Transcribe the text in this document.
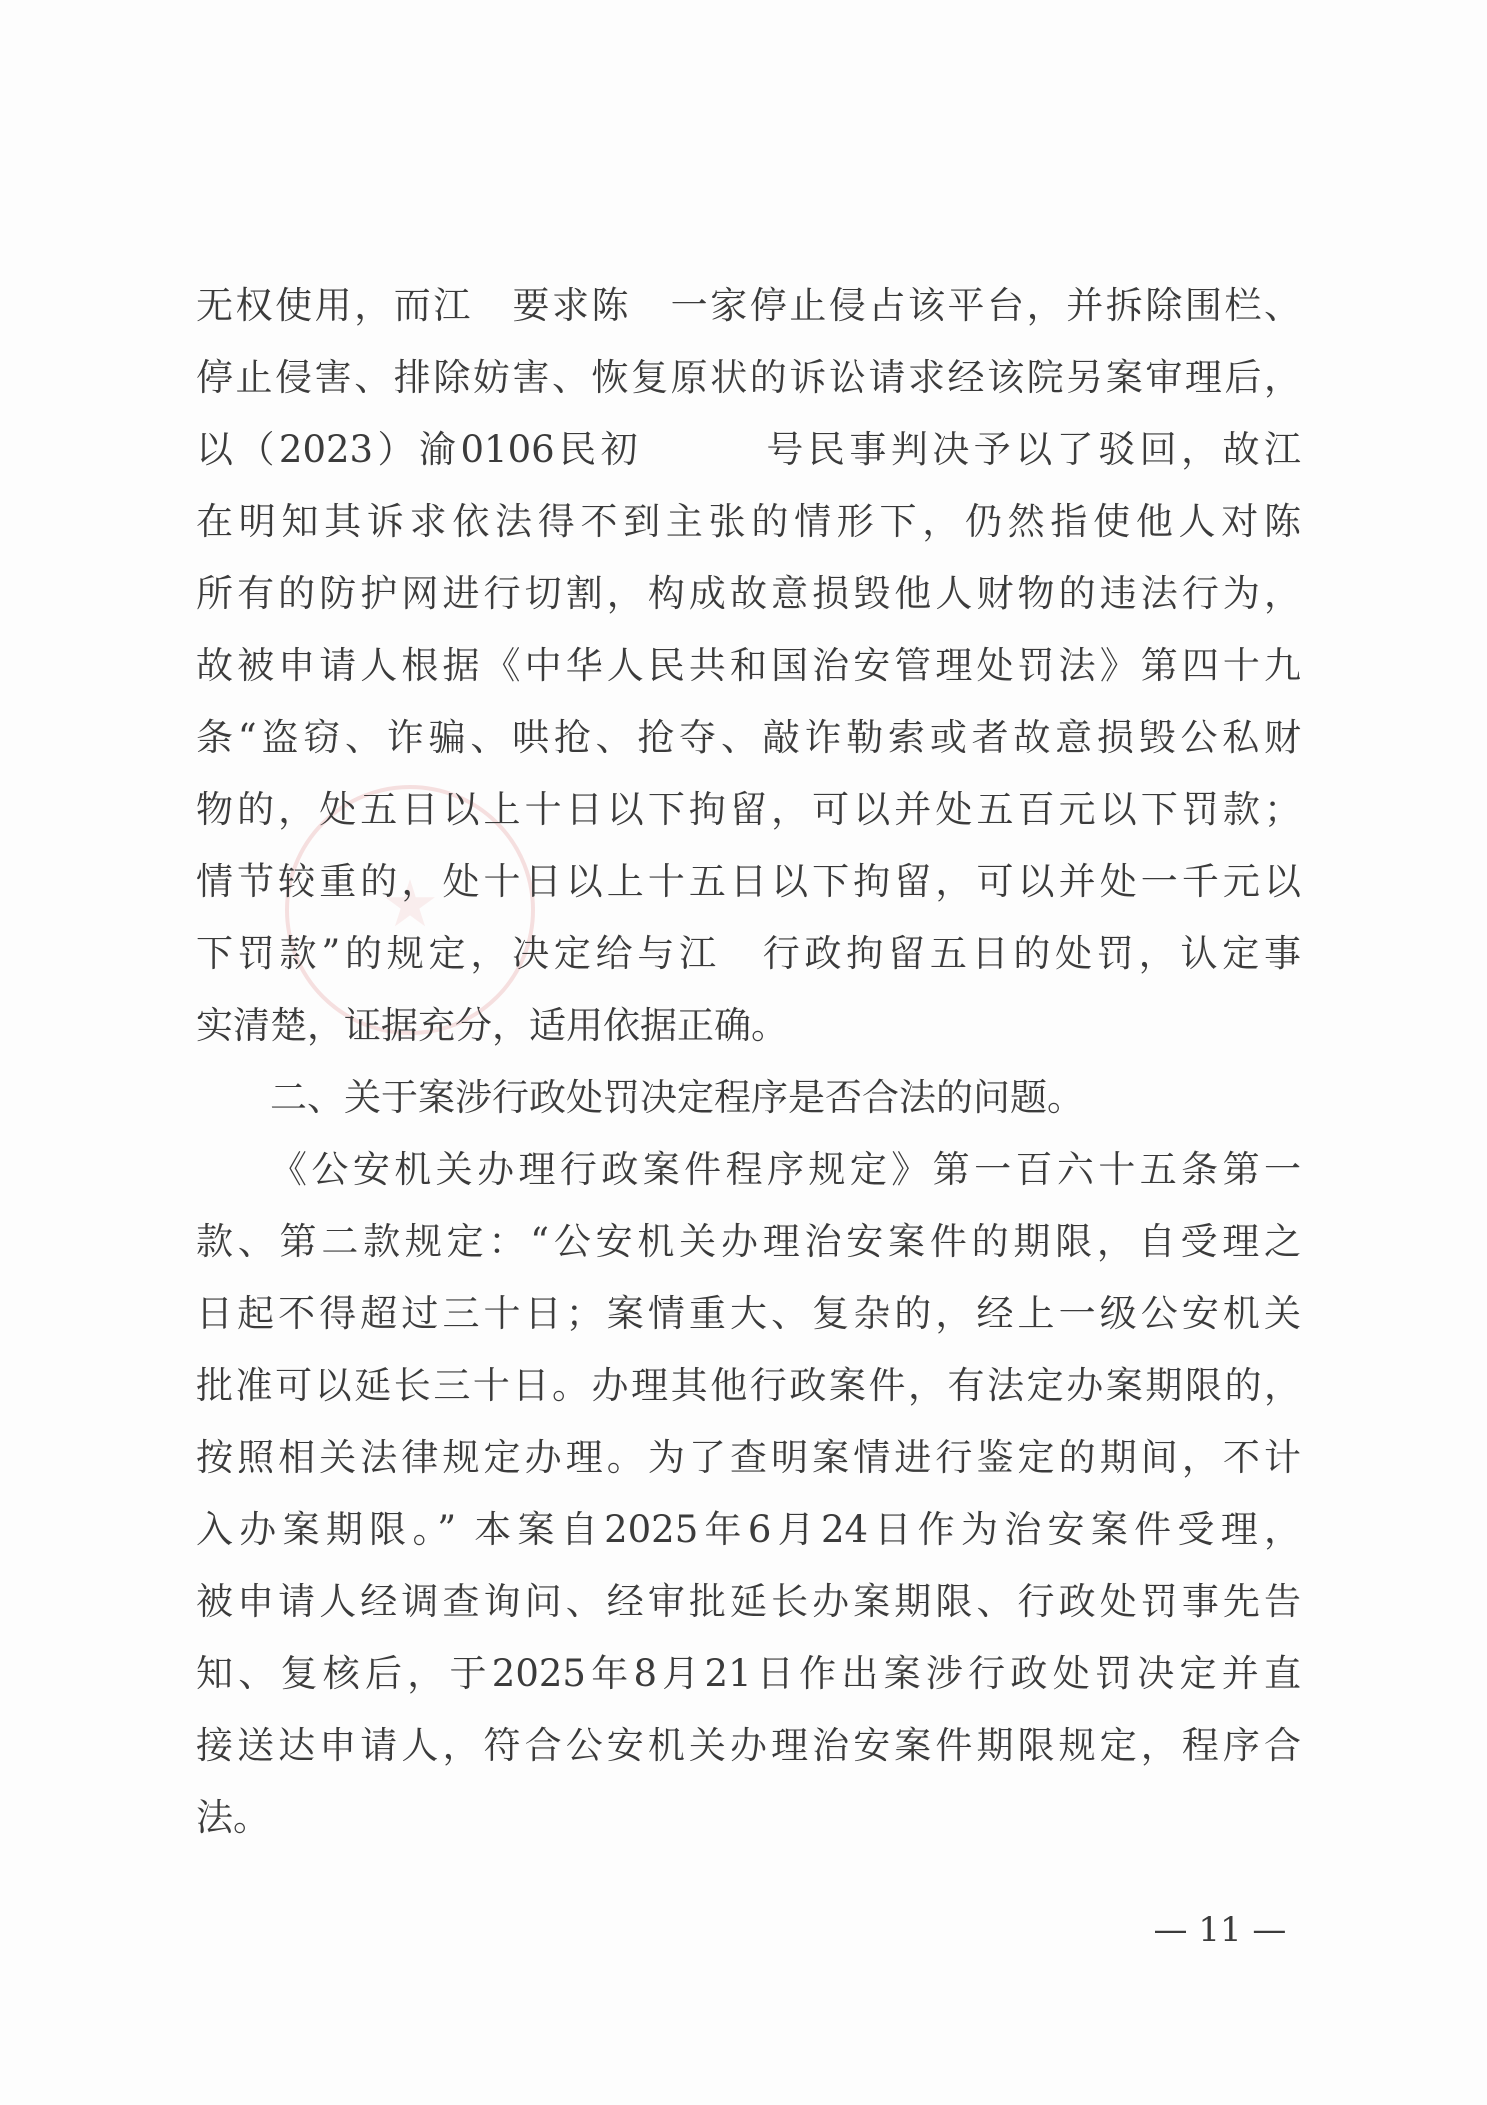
无权使用，而江　要求陈　一家停止侵占该平台，并拆除围栏、
停止侵害、排除妨害、恢复原状的诉讼请求经该院另案审理后，
以（2023）渝0106民初　　　号民事判决予以了驳回，故江
在明知其诉求依法得不到主张的情形下，仍然指使他人对陈
所有的防护网进行切割，构成故意损毁他人财物的违法行为，
故被申请人根据《中华人民共和国治安管理处罚法》第四十九
条“盗窃、诈骗、哄抢、抢夺、敲诈勒索或者故意损毁公私财
物的，处五日以上十日以下拘留，可以并处五百元以下罚款；
情节较重的，处十日以上十五日以下拘留，可以并处一千元以
下罚款”的规定，决定给与江　行政拘留五日的处罚，认定事
实清楚，证据充分，适用依据正确。
二、关于案涉行政处罚决定程序是否合法的问题。
《公安机关办理行政案件程序规定》第一百六十五条第一
款、第二款规定：“公安机关办理治安案件的期限，自受理之
日起不得超过三十日；案情重大、复杂的，经上一级公安机关
批准可以延长三十日。办理其他行政案件，有法定办案期限的，
按照相关法律规定办理。为了查明案情进行鉴定的期间，不计
入办案期限。” 本案自2025年6月24日作为治安案件受理，
被申请人经调查询问、经审批延长办案期限、行政处罚事先告
知、复核后，于2025年8月21日作出案涉行政处罚决定并直
接送达申请人，符合公安机关办理治安案件期限规定，程序合
法。
— 11 —
